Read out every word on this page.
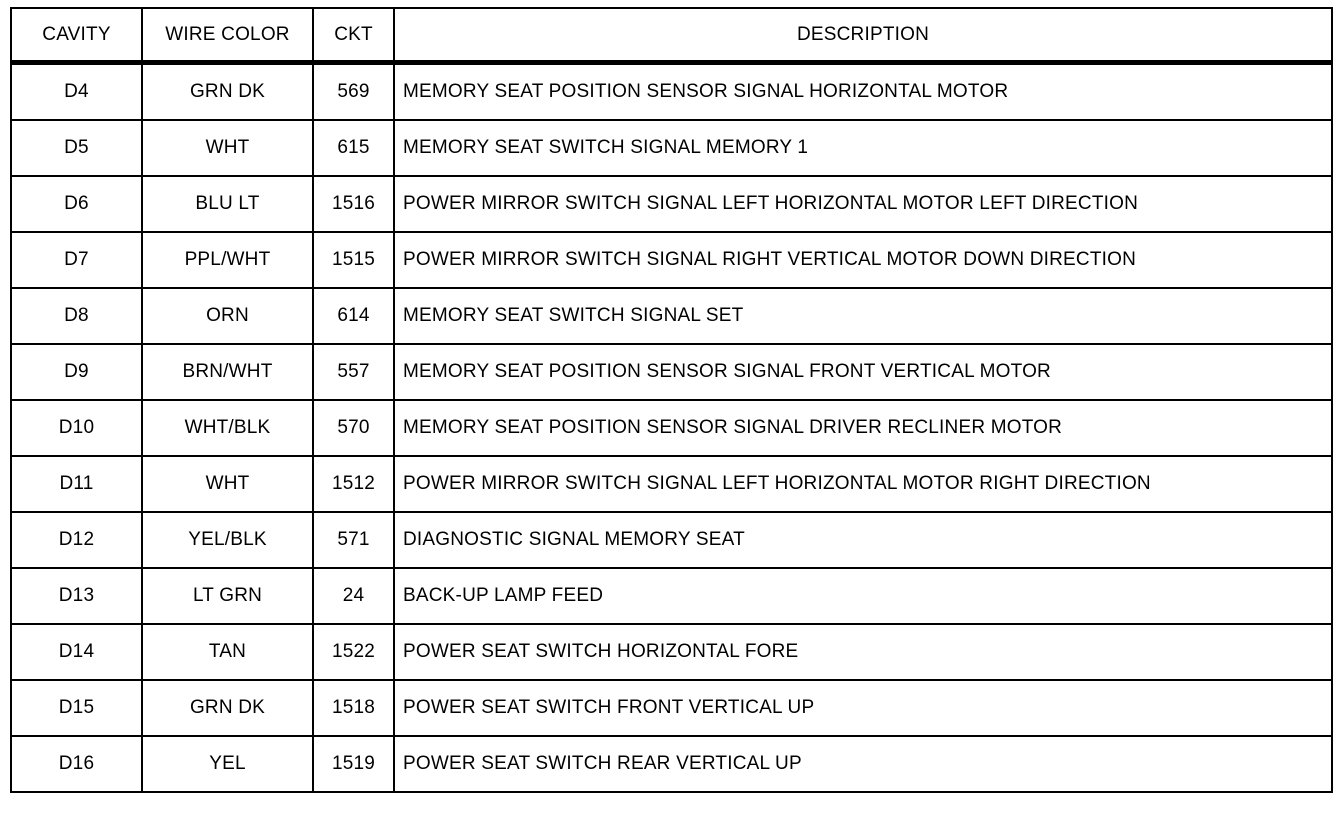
CAVITY	WIRE COLOR	CKT	DESCRIPTION
D4	GRN DK	569	MEMORY SEAT POSITION SENSOR SIGNAL HORIZONTAL MOTOR
D5	WHT	615	MEMORY SEAT SWITCH SIGNAL MEMORY 1
D6	BLU LT	1516	POWER MIRROR SWITCH SIGNAL LEFT HORIZONTAL MOTOR LEFT DIRECTION
D7	PPL/WHT	1515	POWER MIRROR SWITCH SIGNAL RIGHT VERTICAL MOTOR DOWN DIRECTION
D8	ORN	614	MEMORY SEAT SWITCH SIGNAL SET
D9	BRN/WHT	557	MEMORY SEAT POSITION SENSOR SIGNAL FRONT VERTICAL MOTOR
D10	WHT/BLK	570	MEMORY SEAT POSITION SENSOR SIGNAL DRIVER RECLINER MOTOR
D11	WHT	1512	POWER MIRROR SWITCH SIGNAL LEFT HORIZONTAL MOTOR RIGHT DIRECTION
D12	YEL/BLK	571	DIAGNOSTIC SIGNAL MEMORY SEAT
D13	LT GRN	24	BACK-UP LAMP FEED
D14	TAN	1522	POWER SEAT SWITCH HORIZONTAL FORE
D15	GRN DK	1518	POWER SEAT SWITCH FRONT VERTICAL UP
D16	YEL	1519	POWER SEAT SWITCH REAR VERTICAL UP
